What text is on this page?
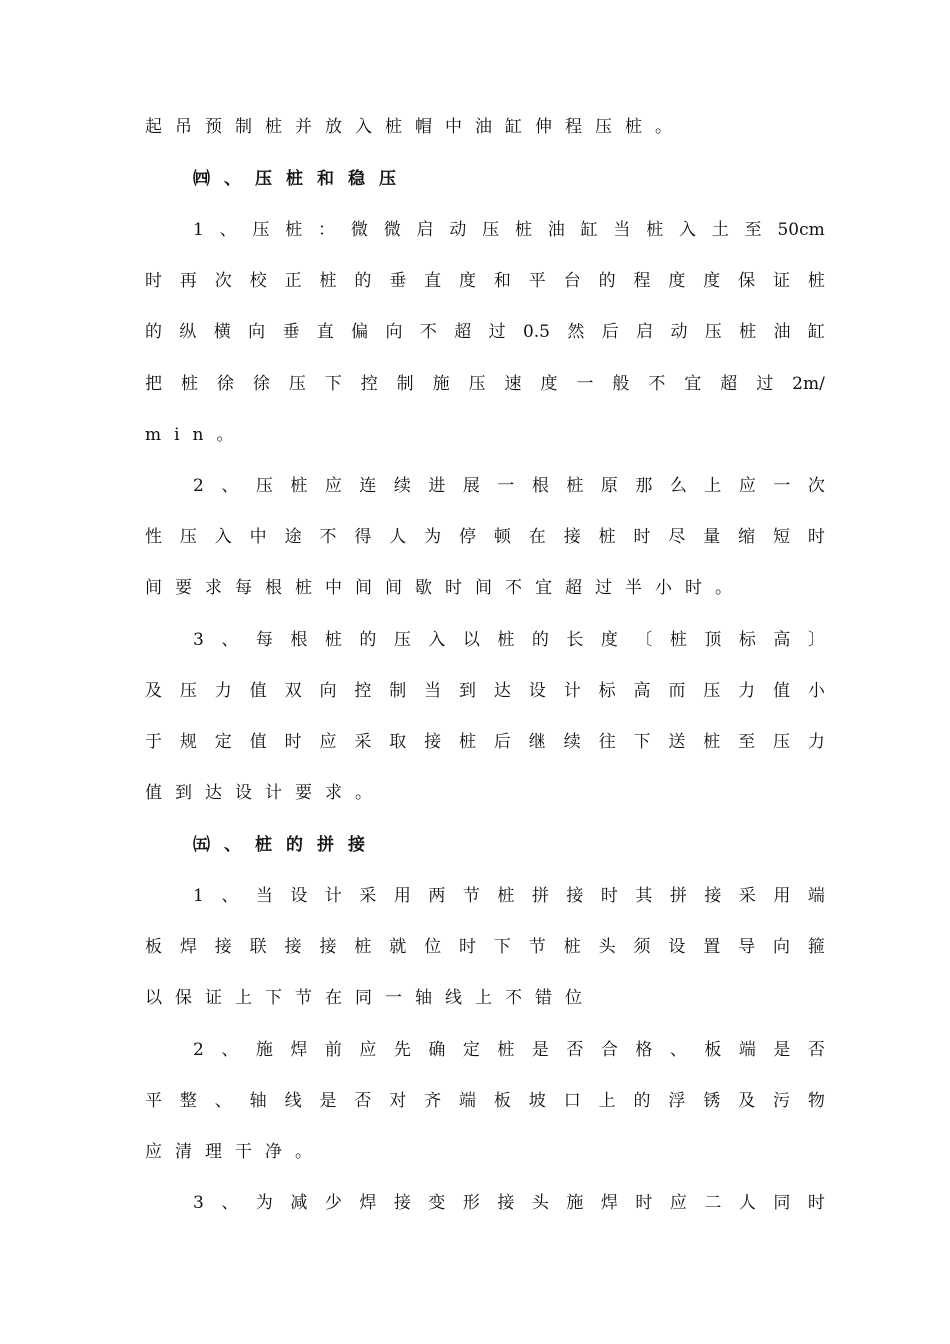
起吊预制桩并放入桩帽中油缸伸程压桩。
㈣、压桩和稳压
1 、 压 桩 ： 微 微 启 动 压 桩 油 缸 当 桩 入 土 至 50cm
时 再 次 校 正 桩 的 垂 直 度 和 平 台 的 程 度 度 保 证 桩
的 纵 横 向 垂 直 偏 向 不 超 过 0.5 然 后 启 动 压 桩 油 缸
把 桩 徐 徐 压 下 控 制 施 压 速 度 一 般 不 宜 超 过 2m/
min。
2 、 压 桩 应 连 续 进 展 一 根 桩 原 那 么 上 应 一 次
性 压 入 中 途 不 得 人 为 停 顿 在 接 桩 时 尽 量 缩 短 时
间要求每根桩中间间歇时间不宜超过半小时。
3 、 每 根 桩 的 压 入 以 桩 的 长 度 〔 桩 顶 标 高 〕
及 压 力 值 双 向 控 制 当 到 达 设 计 标 高 而 压 力 值 小
于 规 定 值 时 应 采 取 接 桩 后 继 续 往 下 送 桩 至 压 力
值到达设计要求。
㈤、桩的拼接
1 、 当 设 计 采 用 两 节 桩 拼 接 时 其 拼 接 采 用 端
板 焊 接 联 接 接 桩 就 位 时 下 节 桩 头 须 设 置 导 向 箍
以保证上下节在同一轴线上不错位
2 、 施 焊 前 应 先 确 定 桩 是 否 合 格 、 板 端 是 否
平 整 、 轴 线 是 否 对 齐 端 板 坡 口 上 的 浮 锈 及 污 物
应清理干净。
3 、 为 减 少 焊 接 变 形 接 头 施 焊 时 应 二 人 同 时
